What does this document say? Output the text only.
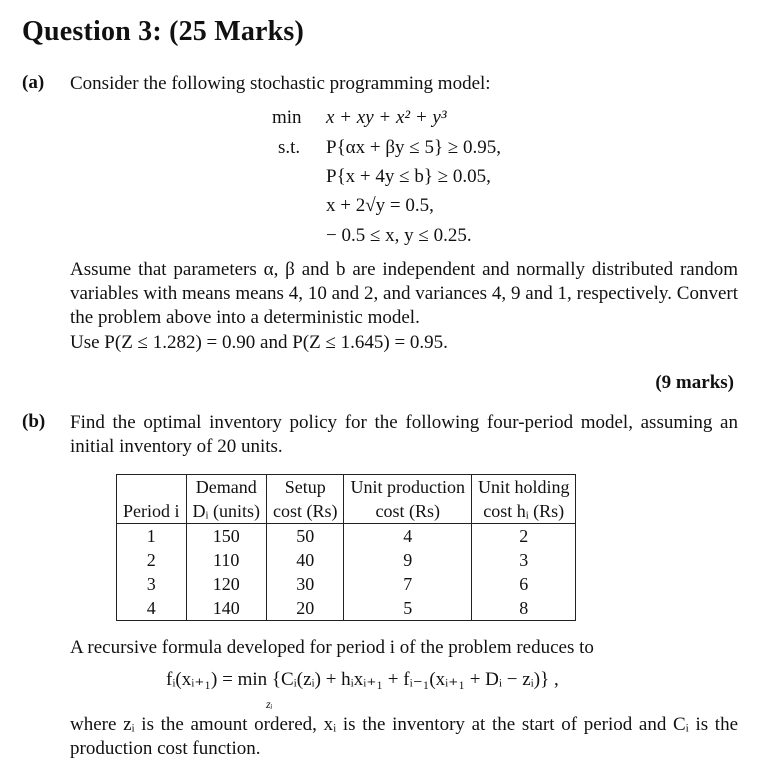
Question 3: (25 Marks)
(a) Consider the following stochastic programming model:
min x + xy + x² + y³
s.t. P{αx + βy ≤ 5} ≥ 0.95,
P{x + 4y ≤ b} ≥ 0.05,
x + 2√y = 0.5,
− 0.5 ≤ x, y ≤ 0.25.
Assume that parameters α, β and b are independent and normally distributed random variables with means means 4, 10 and 2, and variances 4, 9 and 1, respectively. Convert the problem above into a deterministic model.
Use P(Z ≤ 1.282) = 0.90 and P(Z ≤ 1.645) = 0.95.
(9 marks)
(b) Find the optimal inventory policy for the following four-period model, assuming an initial inventory of 20 units.
	Demand	Setup	Unit production	Unit holding
Period i	Dᵢ (units)	cost (Rs)	cost (Rs)	cost hᵢ (Rs)
1	150	50	4	2
2	110	40	9	3
3	120	30	7	6
4	140	20	5	8
A recursive formula developed for period i of the problem reduces to
fᵢ(xᵢ₊₁) = min {Cᵢ(zᵢ) + hᵢxᵢ₊₁ + fᵢ₋₁(xᵢ₊₁ + Dᵢ − zᵢ)} ,
zᵢ
where zᵢ is the amount ordered, xᵢ is the inventory at the start of period and Cᵢ is the production cost function.
